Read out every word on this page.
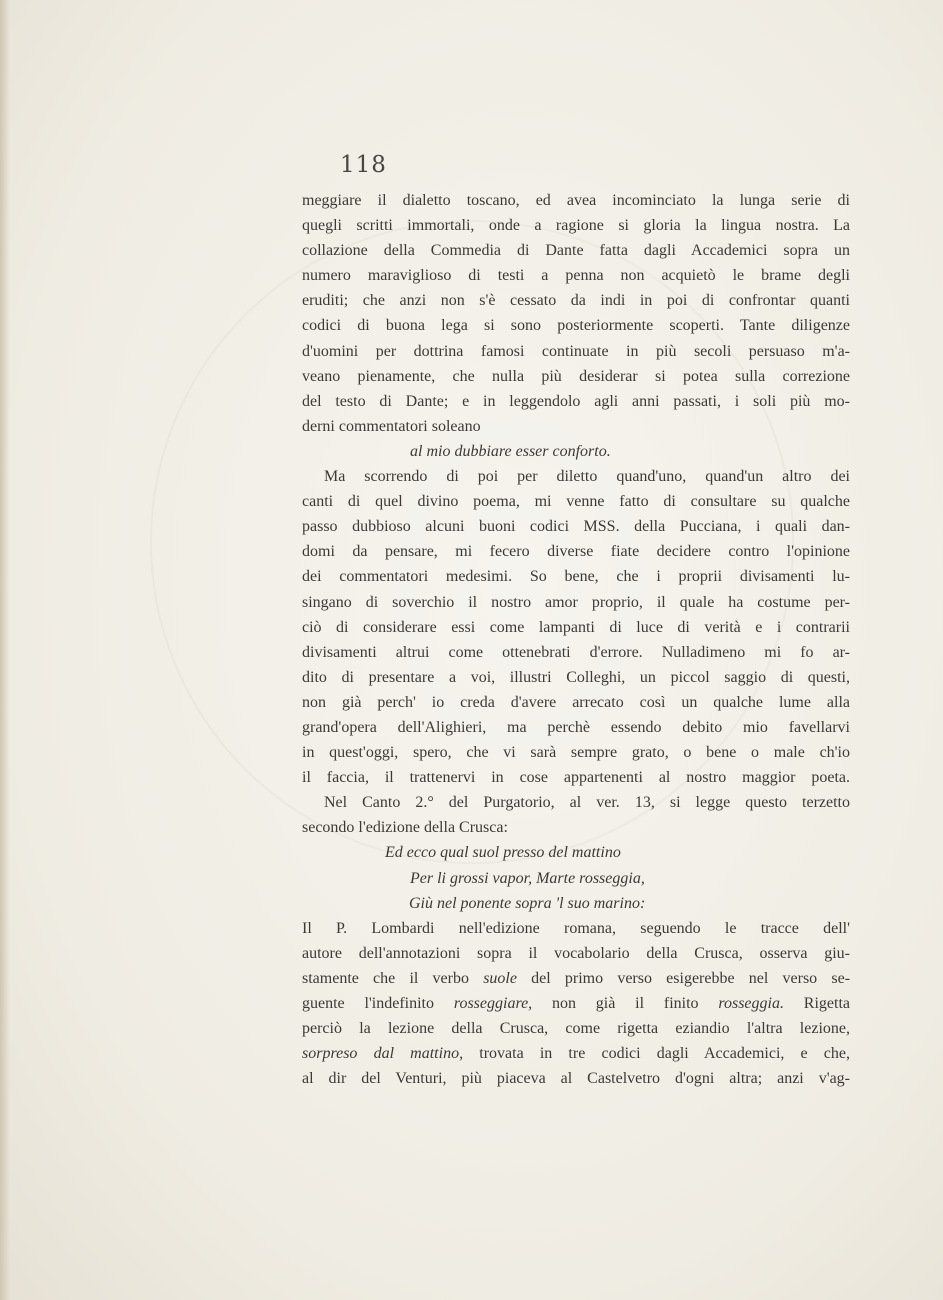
118
meggiare il dialetto toscano, ed avea incominciato la lunga serie di
quegli scritti immortali, onde a ragione si gloria la lingua nostra. La
collazione della Commedia di Dante fatta dagli Accademici sopra un
numero maraviglioso di testi a penna non acquietò le brame degli
eruditi; che anzi non s'è cessato da indi in poi di confrontar quanti
codici di buona lega si sono posteriormente scoperti. Tante diligenze
d'uomini per dottrina famosi continuate in più secoli persuaso m'a-
veano pienamente, che nulla più desiderar si potea sulla correzione
del testo di Dante; e in leggendolo agli anni passati, i soli più mo-
derni commentatori soleano
al mio dubbiare esser conforto.
Ma scorrendo di poi per diletto quand'uno, quand'un altro dei
canti di quel divino poema, mi venne fatto di consultare su qualche
passo dubbioso alcuni buoni codici MSS. della Pucciana, i quali dan-
domi da pensare, mi fecero diverse fiate decidere contro l'opinione
dei commentatori medesimi. So bene, che i proprii divisamenti lu-
singano di soverchio il nostro amor proprio, il quale ha costume per-
ciò di considerare essi come lampanti di luce di verità e i contrarii
divisamenti altrui come ottenebrati d'errore. Nulladimeno mi fo ar-
dito di presentare a voi, illustri Colleghi, un piccol saggio di questi,
non già perch' io creda d'avere arrecato così un qualche lume alla
grand'opera dell'Alighieri, ma perchè essendo debito mio favellarvi
in quest'oggi, spero, che vi sarà sempre grato, o bene o male ch'io
il faccia, il trattenervi in cose appartenenti al nostro maggior poeta.
Nel Canto 2.° del Purgatorio, al ver. 13, si legge questo terzetto
secondo l'edizione della Crusca:
Ed ecco qual suol presso del mattino
Per li grossi vapor, Marte rosseggia,
Giù nel ponente sopra 'l suo marino:
Il P. Lombardi nell'edizione romana, seguendo le tracce dell'
autore dell'annotazioni sopra il vocabolario della Crusca, osserva giu-
stamente che il verbo suole del primo verso esigerebbe nel verso se-
guente l'indefinito rosseggiare, non già il finito rosseggia. Rigetta
perciò la lezione della Crusca, come rigetta eziandio l'altra lezione,
sorpreso dal mattino, trovata in tre codici dagli Accademici, e che,
al dir del Venturi, più piaceva al Castelvetro d'ogni altra; anzi v'ag-
